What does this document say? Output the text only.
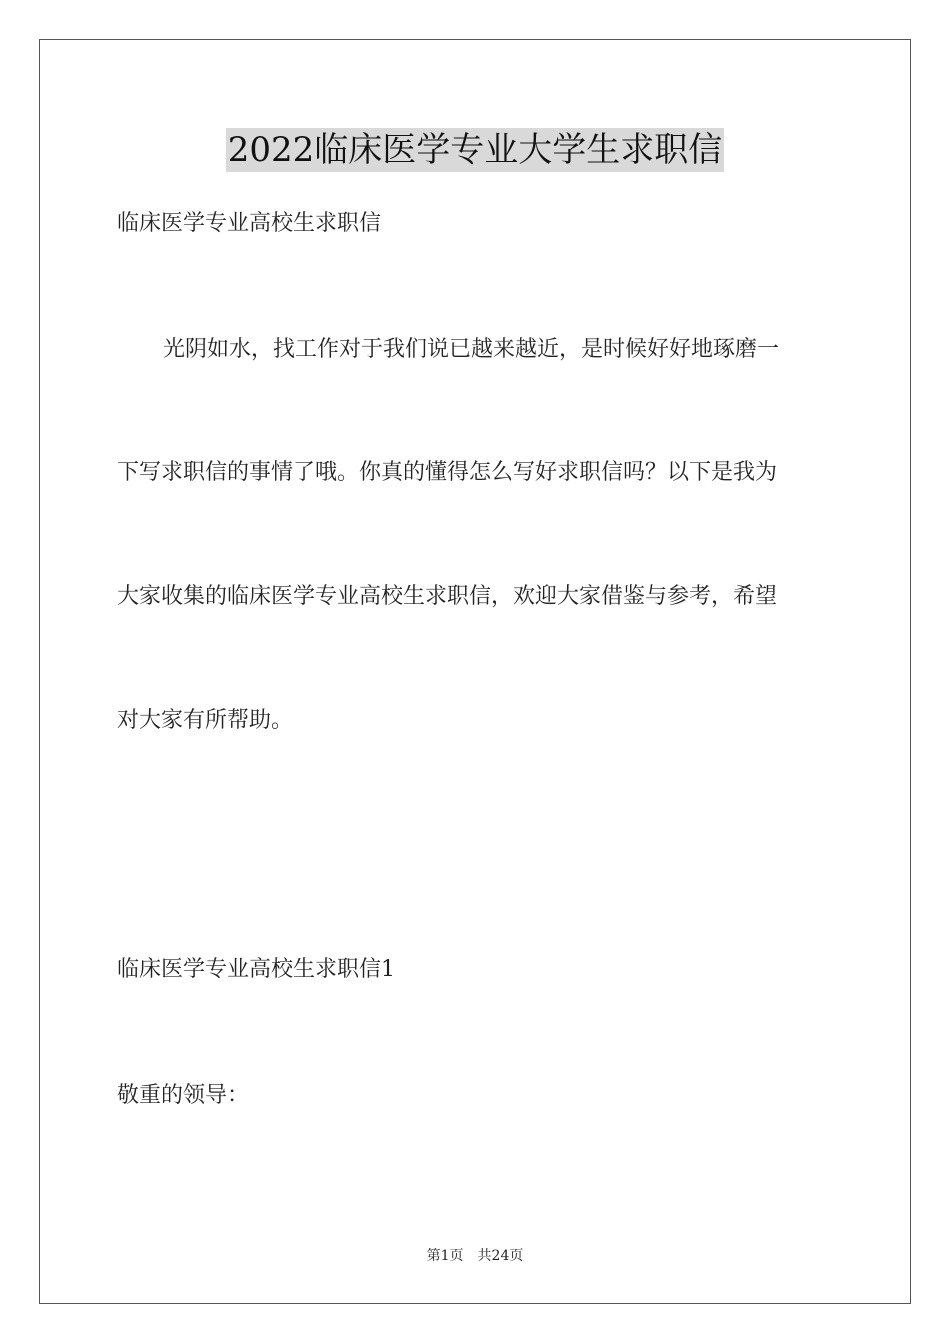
2022临床医学专业大学生求职信
临床医学专业高校生求职信
光阴如水，找工作对于我们说已越来越近，是时候好好地琢磨一
下写求职信的事情了哦。你真的懂得怎么写好求职信吗？以下是我为
大家收集的临床医学专业高校生求职信，欢迎大家借鉴与参考，希望
对大家有所帮助。
临床医学专业高校生求职信1
敬重的领导：
第1页 共24页
